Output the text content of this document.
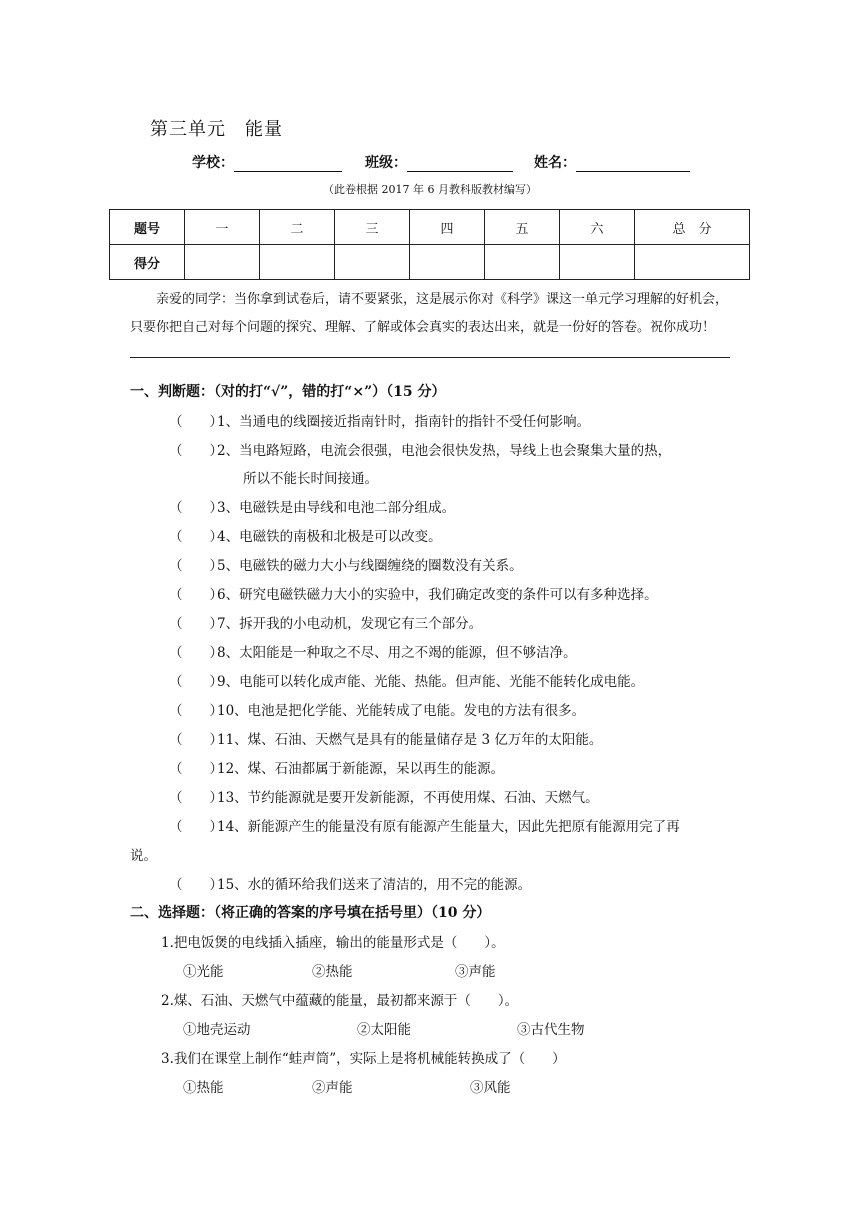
第三单元　能量
学校：	班级：	姓名：
（此卷根据 2017 年 6 月教科版教材编写）
题号	一	二	三	四	五	六	总　分
得分							
亲爱的同学：当你拿到试卷后，请不要紧张，这是展示你对《科学》课这一单元学习理解的好机会，只要你把自己对每个问题的探究、理解、了解或体会真实的表达出来，就是一份好的答卷。祝你成功！
一、判断题：（对的打“√”，错的打“×”）（15 分）
（　　）1、当通电的线圈接近指南针时，指南针的指针不受任何影响。
（　　）2、当电路短路，电流会很强，电池会很快发热，导线上也会聚集大量的热，
所以不能长时间接通。
（　　）3、电磁铁是由导线和电池二部分组成。
（　　）4、电磁铁的南极和北极是可以改变。
（　　）5、电磁铁的磁力大小与线圈缠绕的圈数没有关系。
（　　）6、研究电磁铁磁力大小的实验中，我们确定改变的条件可以有多种选择。
（　　）7、拆开我的小电动机，发现它有三个部分。
（　　）8、太阳能是一种取之不尽、用之不竭的能源，但不够洁净。
（　　）9、电能可以转化成声能、光能、热能。但声能、光能不能转化成电能。
（　　）10、电池是把化学能、光能转成了电能。发电的方法有很多。
（　　）11、煤、石油、天燃气是具有的能量储存是 3 亿万年的太阳能。
（　　）12、煤、石油都属于新能源，呆以再生的能源。
（　　）13、节约能源就是要开发新能源，不再使用煤、石油、天燃气。
（　　）14、新能源产生的能量没有原有能源产生能量大，因此先把原有能源用完了再
说。
（　　）15、水的循环给我们送来了清洁的，用不完的能源。
二、选择题：（将正确的答案的序号填在括号里）（10 分）
1.把电饭煲的电线插入插座，输出的能量形式是（　　）。
①光能	②热能	③声能
2.煤、石油、天燃气中蕴藏的能量，最初都来源于（　　）。
①地壳运动	②太阳能	③古代生物
3.我们在课堂上制作“蛙声筒”，实际上是将机械能转换成了（　　）
①热能	②声能	③风能
